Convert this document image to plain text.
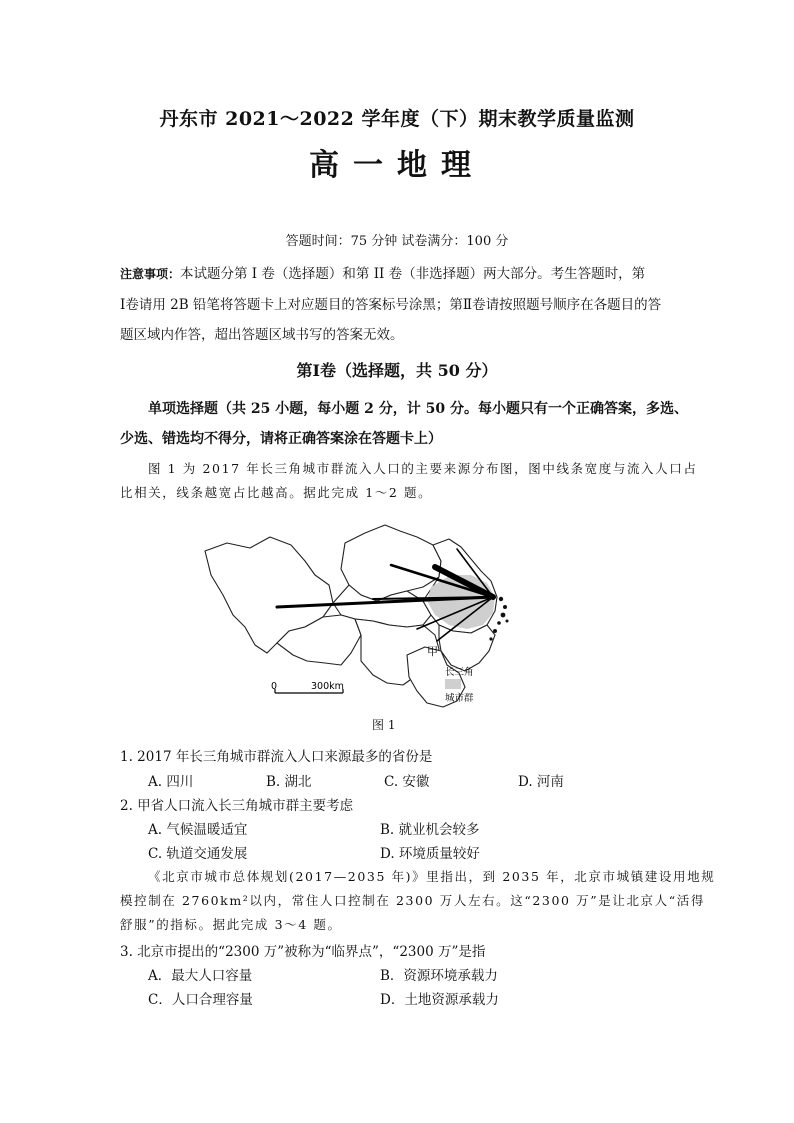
丹东市 2021～2022 学年度（下）期末教学质量监测
高一地理
答题时间：75 分钟 试卷满分：100 分
注意事项：本试题分第 I 卷（选择题）和第 II 卷（非选择题）两大部分。考生答题时，第
Ⅰ卷请用 2B 铅笔将答题卡上对应题目的答案标号涂黑；第Ⅱ卷请按照题号顺序在各题目的答
题区域内作答，超出答题区域书写的答案无效。
第Ⅰ卷（选择题，共 50 分）
单项选择题（共 25 小题，每小题 2 分，计 50 分。每小题只有一个正确答案，多选、
少选、错选均不得分，请将正确答案涂在答题卡上）
图 1 为 2017 年长三角城市群流入人口的主要来源分布图，图中线条宽度与流入人口占
比相关，线条越宽占比越高。据此完成 1～2 题。
甲
长三角
城市群
0	300km
图 1
1. 2017 年长三角城市群流入人口来源最多的省份是
A. 四川	B. 湖北	C. 安徽	D. 河南
2. 甲省人口流入长三角城市群主要考虑
A. 气候温暖适宜	B. 就业机会较多
C. 轨道交通发展	D. 环境质量较好
《北京市城市总体规划(2017—2035 年)》里指出，到 2035 年，北京市城镇建设用地规
模控制在 2760km²以内，常住人口控制在 2300 万人左右。这“2300 万”是让北京人“活得
舒服”的指标。据此完成 3～4 题。
3. 北京市提出的“2300 万”被称为“临界点”，“2300 万”是指
A．最大人口容量	B．资源环境承载力
C．人口合理容量	D．土地资源承载力
